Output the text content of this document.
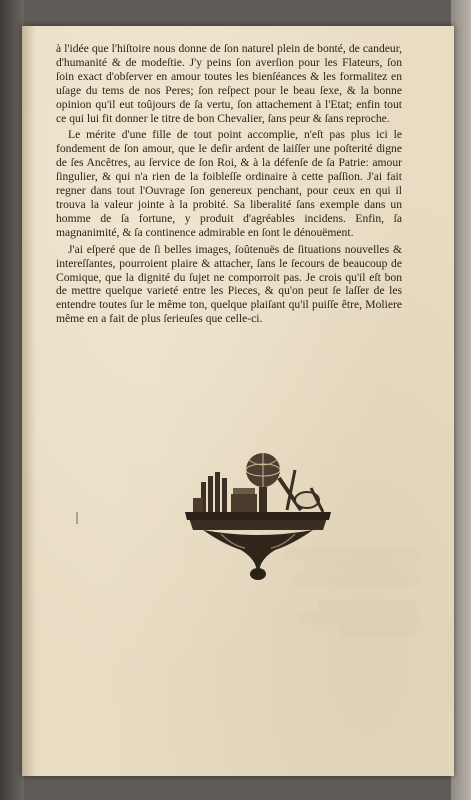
à l'idée que l'hiſtoire nous donne de ſon naturel plein de bonté, de candeur, d'humanité & de modeſtie. J'y peins ſon averſion pour les Flateurs, ſon ſoin exact d'obſerver en amour toutes les bienſéances & les formalitez en uſage du tems de nos Peres; ſon reſpect pour le beau ſexe, & la bonne opinion qu'il eut toûjours de ſa vertu, ſon attachement à l'Etat; enfin tout ce qui lui fit donner le titre de bon Chevalier, ſans peur & ſans reproche.

Le mérite d'une fille de tout point accomplie, n'eſt pas plus ici le fondement de ſon amour, que le deſir ardent de laiſſer une poſterité digne de ſes Ancêtres, au ſervice de ſon Roi, & à la défenſe de ſa Patrie: amour ſingulier, & qui n'a rien de la foibleſſe ordinaire à cette paſſion. J'ai fait regner dans tout l'Ouvrage ſon genereux penchant, pour ceux en qui il trouva la valeur jointe à la probité. Sa liberalité ſans exemple dans un homme de ſa fortune, y produit d'agréables incidens. Enfin, ſa magnanimité, & ſa continence admirable en ſont le dénouëment.

J'ai eſperé que de ſi belles images, ſoûtenuës de ſituations nouvelles & intereſſantes, pourroient plaire & attacher, ſans le ſecours de beaucoup de Comique, que la dignité du ſujet ne comporroit pas. Je crois qu'il eſt bon de mettre quelque varieté entre les Pieces, & qu'on peut ſe laſſer de les entendre toutes ſur le même ton, quelque plaiſant qu'il puiſſe être, Moliere même en a fait de plus ſerieuſes que celle-ci.

░░░░░░░░░░░░░░░░░░░
░░░░░░░░░░░░░░░░
░░░░░░░░░░░░░░░░░░

░░░░░░░░░░░░░░
░░░░░░░░░░░░░░░░░
░░░░░░░░░░░
